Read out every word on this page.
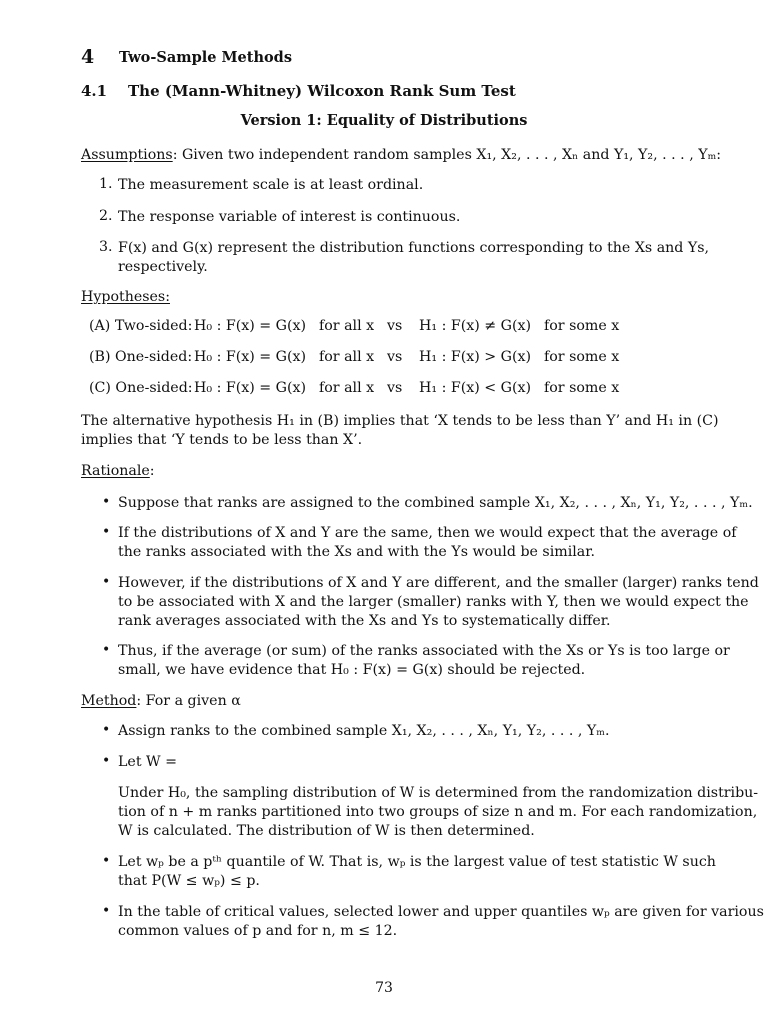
4 Two-Sample Methods
4.1 The (Mann-Whitney) Wilcoxon Rank Sum Test
Version 1: Equality of Distributions
Assumptions: Given two independent random samples X₁, X₂, . . . , Xₙ and Y₁, Y₂, . . . , Yₘ:
1. The measurement scale is at least ordinal.
2. The response variable of interest is continuous.
3. F(x) and G(x) represent the distribution functions corresponding to the Xs and Ys,
respectively.
Hypotheses:
(A) Two-sided: H₀ : F(x) = G(x) for all x vs H₁ : F(x) ≠ G(x) for some x
(B) One-sided: H₀ : F(x) = G(x) for all x vs H₁ : F(x) > G(x) for some x
(C) One-sided: H₀ : F(x) = G(x) for all x vs H₁ : F(x) < G(x) for some x
The alternative hypothesis H₁ in (B) implies that ‘X tends to be less than Y’ and H₁ in (C)
implies that ‘Y tends to be less than X’.
Rationale:
• Suppose that ranks are assigned to the combined sample X₁, X₂, . . . , Xₙ, Y₁, Y₂, . . . , Yₘ.
• If the distributions of X and Y are the same, then we would expect that the average of
the ranks associated with the Xs and with the Ys would be similar.
• However, if the distributions of X and Y are different, and the smaller (larger) ranks tend
to be associated with X and the larger (smaller) ranks with Y, then we would expect the
rank averages associated with the Xs and Ys to systematically differ.
• Thus, if the average (or sum) of the ranks associated with the Xs or Ys is too large or
small, we have evidence that H₀ : F(x) = G(x) should be rejected.
Method: For a given α
• Assign ranks to the combined sample X₁, X₂, . . . , Xₙ, Y₁, Y₂, . . . , Yₘ.
• Let W =
Under H₀, the sampling distribution of W is determined from the randomization distribu-
tion of n + m ranks partitioned into two groups of size n and m. For each randomization,
W is calculated. The distribution of W is then determined.
• Let wₚ be a pᵗʰ quantile of W. That is, wₚ is the largest value of test statistic W such
that P(W ≤ wₚ) ≤ p.
• In the table of critical values, selected lower and upper quantiles wₚ are given for various
common values of p and for n, m ≤ 12.
73
